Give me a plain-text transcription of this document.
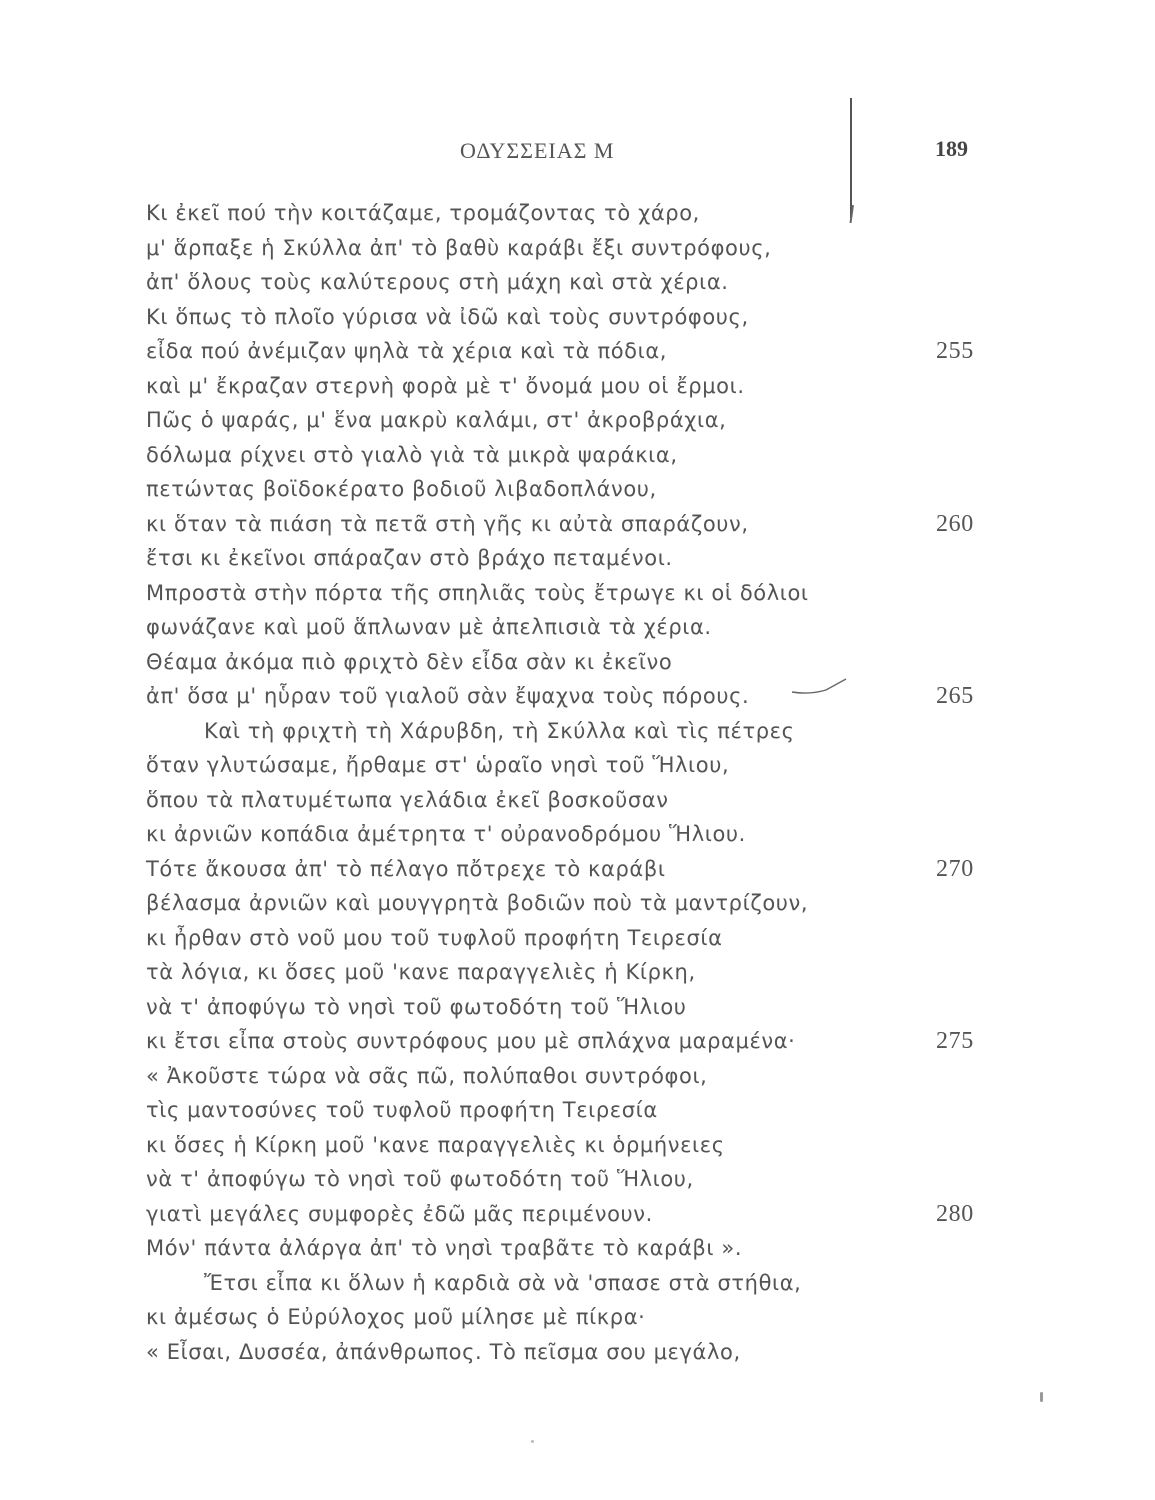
ΟΔΥΣΣΕΙΑΣ Μ	189
Κι ἐκεῖ πού τὴν κοιτάζαμε, τρομάζοντας τὸ χάρο,
μ' ἅρπαξε ἡ Σκύλλα ἀπ' τὸ βαθὺ καράβι ἔξι συντρόφους,
ἀπ' ὅλους τοὺς καλύτερους στὴ μάχη καὶ στὰ χέρια.
Κι ὅπως τὸ πλοῖο γύρισα νὰ ἰδῶ καὶ τοὺς συντρόφους,
εἶδα πού ἀνέμιζαν ψηλὰ τὰ χέρια καὶ τὰ πόδια,	255
καὶ μ' ἔκραζαν στερνὴ φορὰ μὲ τ' ὄνομά μου οἱ ἔρμοι.
Πῶς ὁ ψαράς, μ' ἕνα μακρὺ καλάμι, στ' ἀκροβράχια,
δόλωμα ρίχνει στὸ γιαλὸ γιὰ τὰ μικρὰ ψαράκια,
πετώντας βοϊδοκέρατο βοδιοῦ λιβαδοπλάνου,
κι ὅταν τὰ πιάση τὰ πετᾶ στὴ γῆς κι αὐτὰ σπαράζουν,	260
ἔτσι κι ἐκεῖνοι σπάραζαν στὸ βράχο πεταμένοι.
Μπροστὰ στὴν πόρτα τῆς σπηλιᾶς τοὺς ἔτρωγε κι οἱ δόλιοι
φωνάζανε καὶ μοῦ ἅπλωναν μὲ ἀπελπισιὰ τὰ χέρια.
Θέαμα ἀκόμα πιὸ φριχτὸ δὲν εἶδα σὰν κι ἐκεῖνο
ἀπ' ὅσα μ' ηὗραν τοῦ γιαλοῦ σὰν ἔψαχνα τοὺς πόρους.	265
Καὶ τὴ φριχτὴ τὴ Χάρυβδη, τὴ Σκύλλα καὶ τὶς πέτρες
ὅταν γλυτώσαμε, ἤρθαμε στ' ὡραῖο νησὶ τοῦ Ἥλιου,
ὅπου τὰ πλατυμέτωπα γελάδια ἐκεῖ βοσκοῦσαν
κι ἀρνιῶν κοπάδια ἀμέτρητα τ' οὐρανοδρόμου Ἥλιου.
Τότε ἄκουσα ἀπ' τὸ πέλαγο πὄτρεχε τὸ καράβι	270
βέλασμα ἀρνιῶν καὶ μουγγρητὰ βοδιῶν ποὺ τὰ μαντρίζουν,
κι ἦρθαν στὸ νοῦ μου τοῦ τυφλοῦ προφήτη Τειρεσία
τὰ λόγια, κι ὅσες μοῦ 'κανε παραγγελιὲς ἡ Κίρκη,
νὰ τ' ἀποφύγω τὸ νησὶ τοῦ φωτοδότη τοῦ Ἥλιου
κι ἔτσι εἶπα στοὺς συντρόφους μου μὲ σπλάχνα μαραμένα·	275
« Ἀκοῦστε τώρα νὰ σᾶς πῶ, πολύπαθοι συντρόφοι,
τὶς μαντοσύνες τοῦ τυφλοῦ προφήτη Τειρεσία
κι ὅσες ἡ Κίρκη μοῦ 'κανε παραγγελιὲς κι ὁρμήνειες
νὰ τ' ἀποφύγω τὸ νησὶ τοῦ φωτοδότη τοῦ Ἥλιου,
γιατὶ μεγάλες συμφορὲς ἐδῶ μᾶς περιμένουν.	280
Μόν' πάντα ἀλάργα ἀπ' τὸ νησὶ τραβᾶτε τὸ καράβι ».
Ἔτσι εἶπα κι ὅλων ἡ καρδιὰ σὰ νὰ 'σπασε στὰ στήθια,
κι ἀμέσως ὁ Εὐρύλοχος μοῦ μίλησε μὲ πίκρα·
« Εἶσαι, Δυσσέα, ἀπάνθρωπος. Τὸ πεῖσμα σου μεγάλο,
